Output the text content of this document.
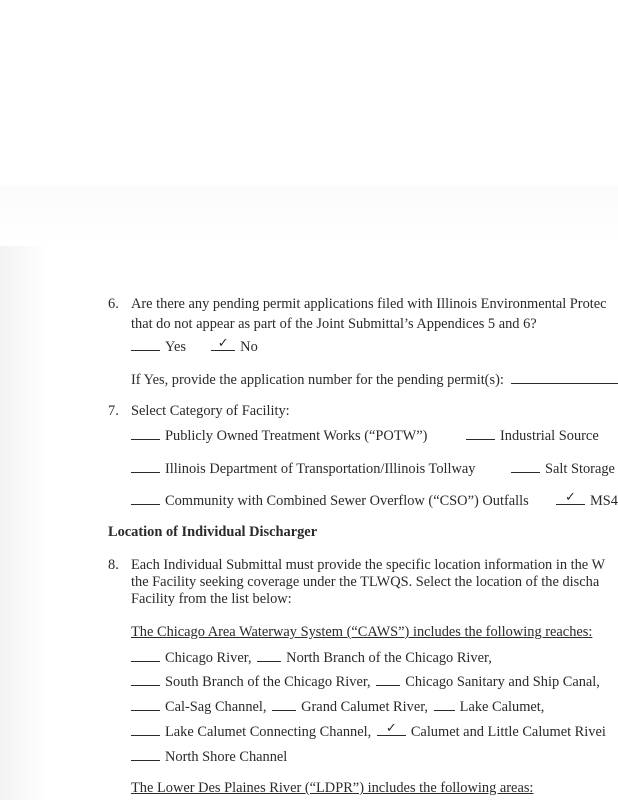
6. Are there any pending permit applications filed with Illinois Environmental Protec
that do not appear as part of the Joint Submittal’s Appendices 5 and 6?
Yes ✓ No
If Yes, provide the application number for the pending permit(s):
7. Select Category of Facility:
Publicly Owned Treatment Works (“POTW”)	Industrial Source
Illinois Department of Transportation/Illinois Tollway	Salt Storage
Community with Combined Sewer Overflow (“CSO”) Outfalls	✓ MS4
Location of Individual Discharger
8. Each Individual Submittal must provide the specific location information in the W
the Facility seeking coverage under the TLWQS. Select the location of the discha
Facility from the list below:
The Chicago Area Waterway System (“CAWS”) includes the following reaches:
Chicago River, North Branch of the Chicago River,
South Branch of the Chicago River, Chicago Sanitary and Ship Canal,
Cal-Sag Channel, Grand Calumet River, Lake Calumet,
Lake Calumet Connecting Channel, ✓ Calumet and Little Calumet Rivei
North Shore Channel
The Lower Des Plaines River (“LDPR”) includes the following areas:
